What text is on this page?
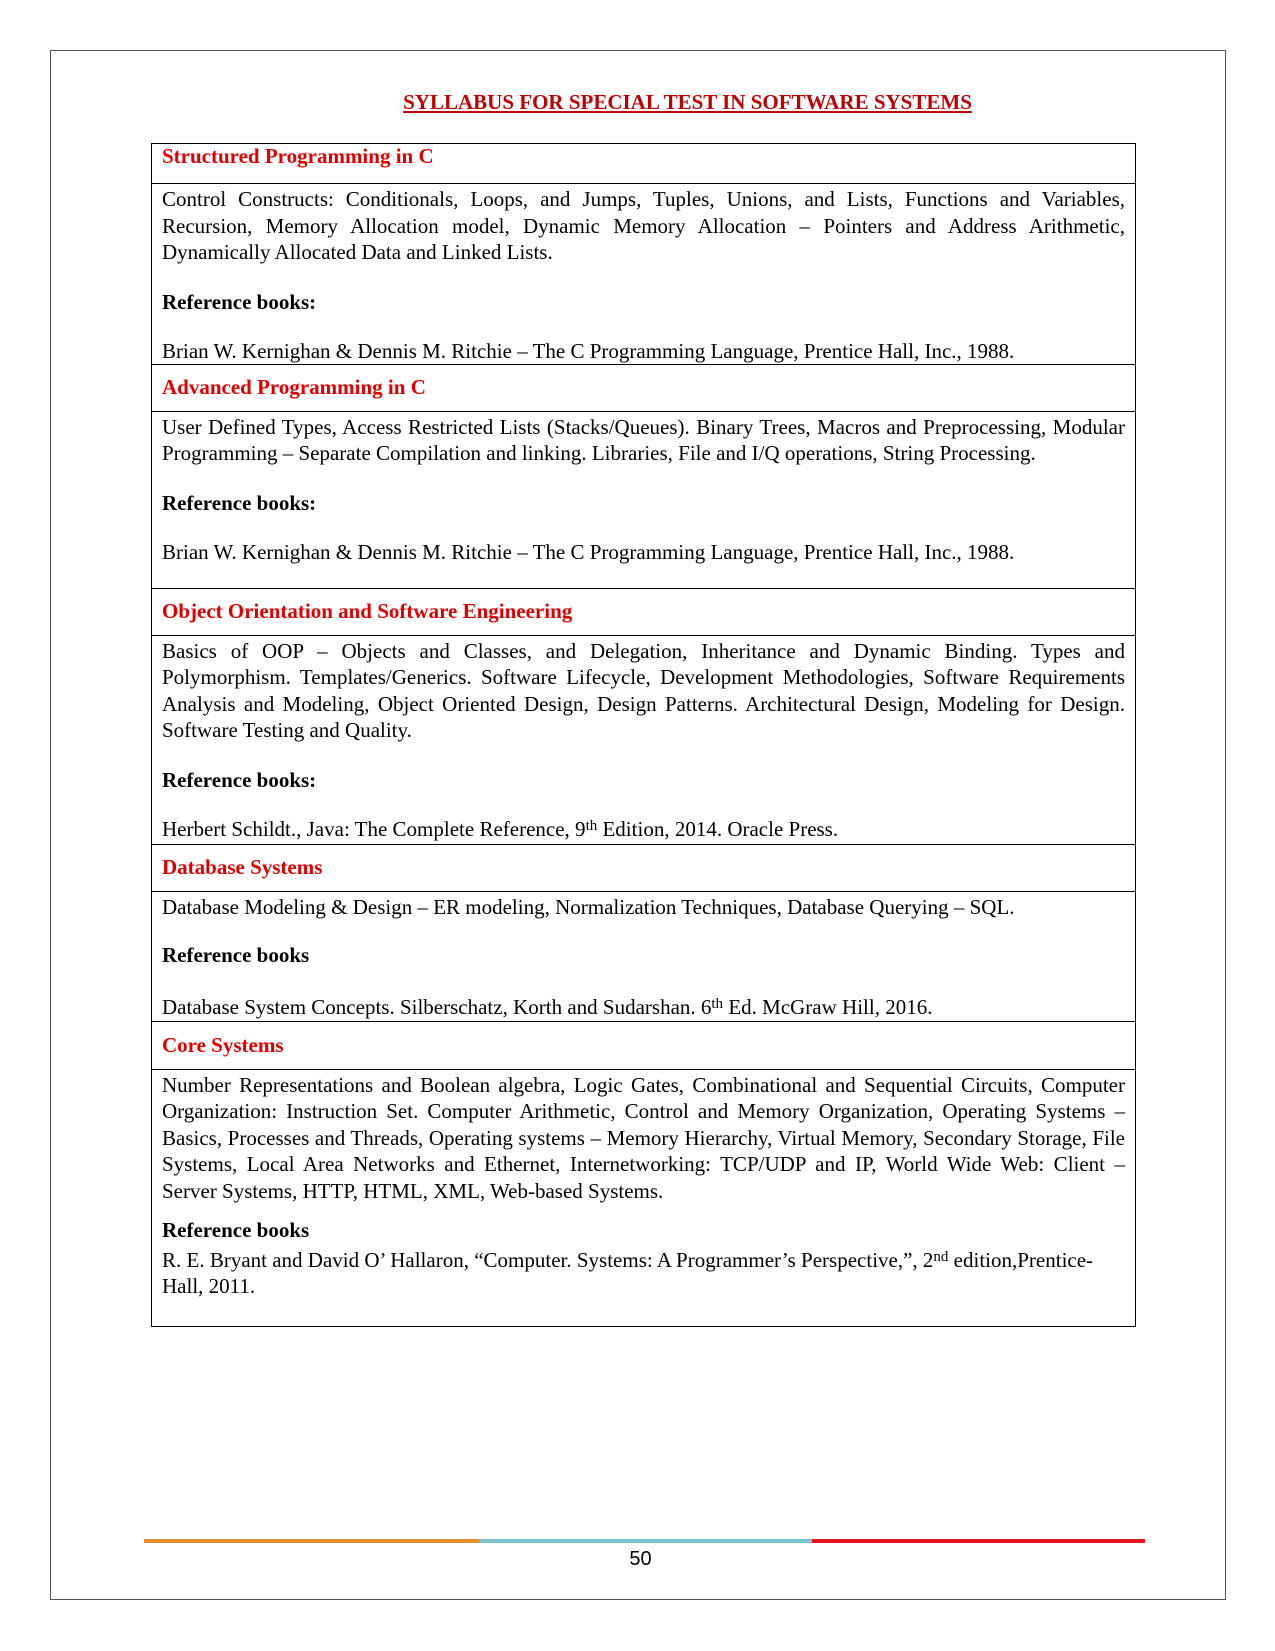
SYLLABUS FOR SPECIAL TEST IN SOFTWARE SYSTEMS
Structured Programming in C

Control Constructs: Conditionals, Loops, and Jumps, Tuples, Unions, and Lists, Functions and Variables, Recursion, Memory Allocation model, Dynamic Memory Allocation – Pointers and Address Arithmetic, Dynamically Allocated Data and Linked Lists.

Reference books:

Brian W. Kernighan & Dennis M. Ritchie – The C Programming Language, Prentice Hall, Inc., 1988.

Advanced Programming in C

User Defined Types, Access Restricted Lists (Stacks/Queues). Binary Trees, Macros and Preprocessing, Modular Programming – Separate Compilation and linking. Libraries, File and I/Q operations, String Processing.

Reference books:

Brian W. Kernighan & Dennis M. Ritchie – The C Programming Language, Prentice Hall, Inc., 1988.

Object Orientation and Software Engineering

Basics of OOP – Objects and Classes, and Delegation, Inheritance and Dynamic Binding. Types and Polymorphism. Templates/Generics. Software Lifecycle, Development Methodologies, Software Requirements Analysis and Modeling, Object Oriented Design, Design Patterns. Architectural Design, Modeling for Design. Software Testing and Quality.

Reference books:

Herbert Schildt., Java: The Complete Reference, 9th Edition, 2014. Oracle Press.

Database Systems

Database Modeling & Design – ER modeling, Normalization Techniques, Database Querying – SQL.

Reference books

Database System Concepts. Silberschatz, Korth and Sudarshan. 6th Ed. McGraw Hill, 2016.

Core Systems

Number Representations and Boolean algebra, Logic Gates, Combinational and Sequential Circuits, Computer Organization: Instruction Set. Computer Arithmetic, Control and Memory Organization, Operating Systems – Basics, Processes and Threads, Operating systems – Memory Hierarchy, Virtual Memory, Secondary Storage, File Systems, Local Area Networks and Ethernet, Internetworking: TCP/UDP and IP, World Wide Web: Client – Server Systems, HTTP, HTML, XML, Web-based Systems.

Reference books

R. E. Bryant and David O’ Hallaron, “Computer. Systems: A Programmer’s Perspective,”, 2nd edition,Prentice-Hall, 2011.

50
